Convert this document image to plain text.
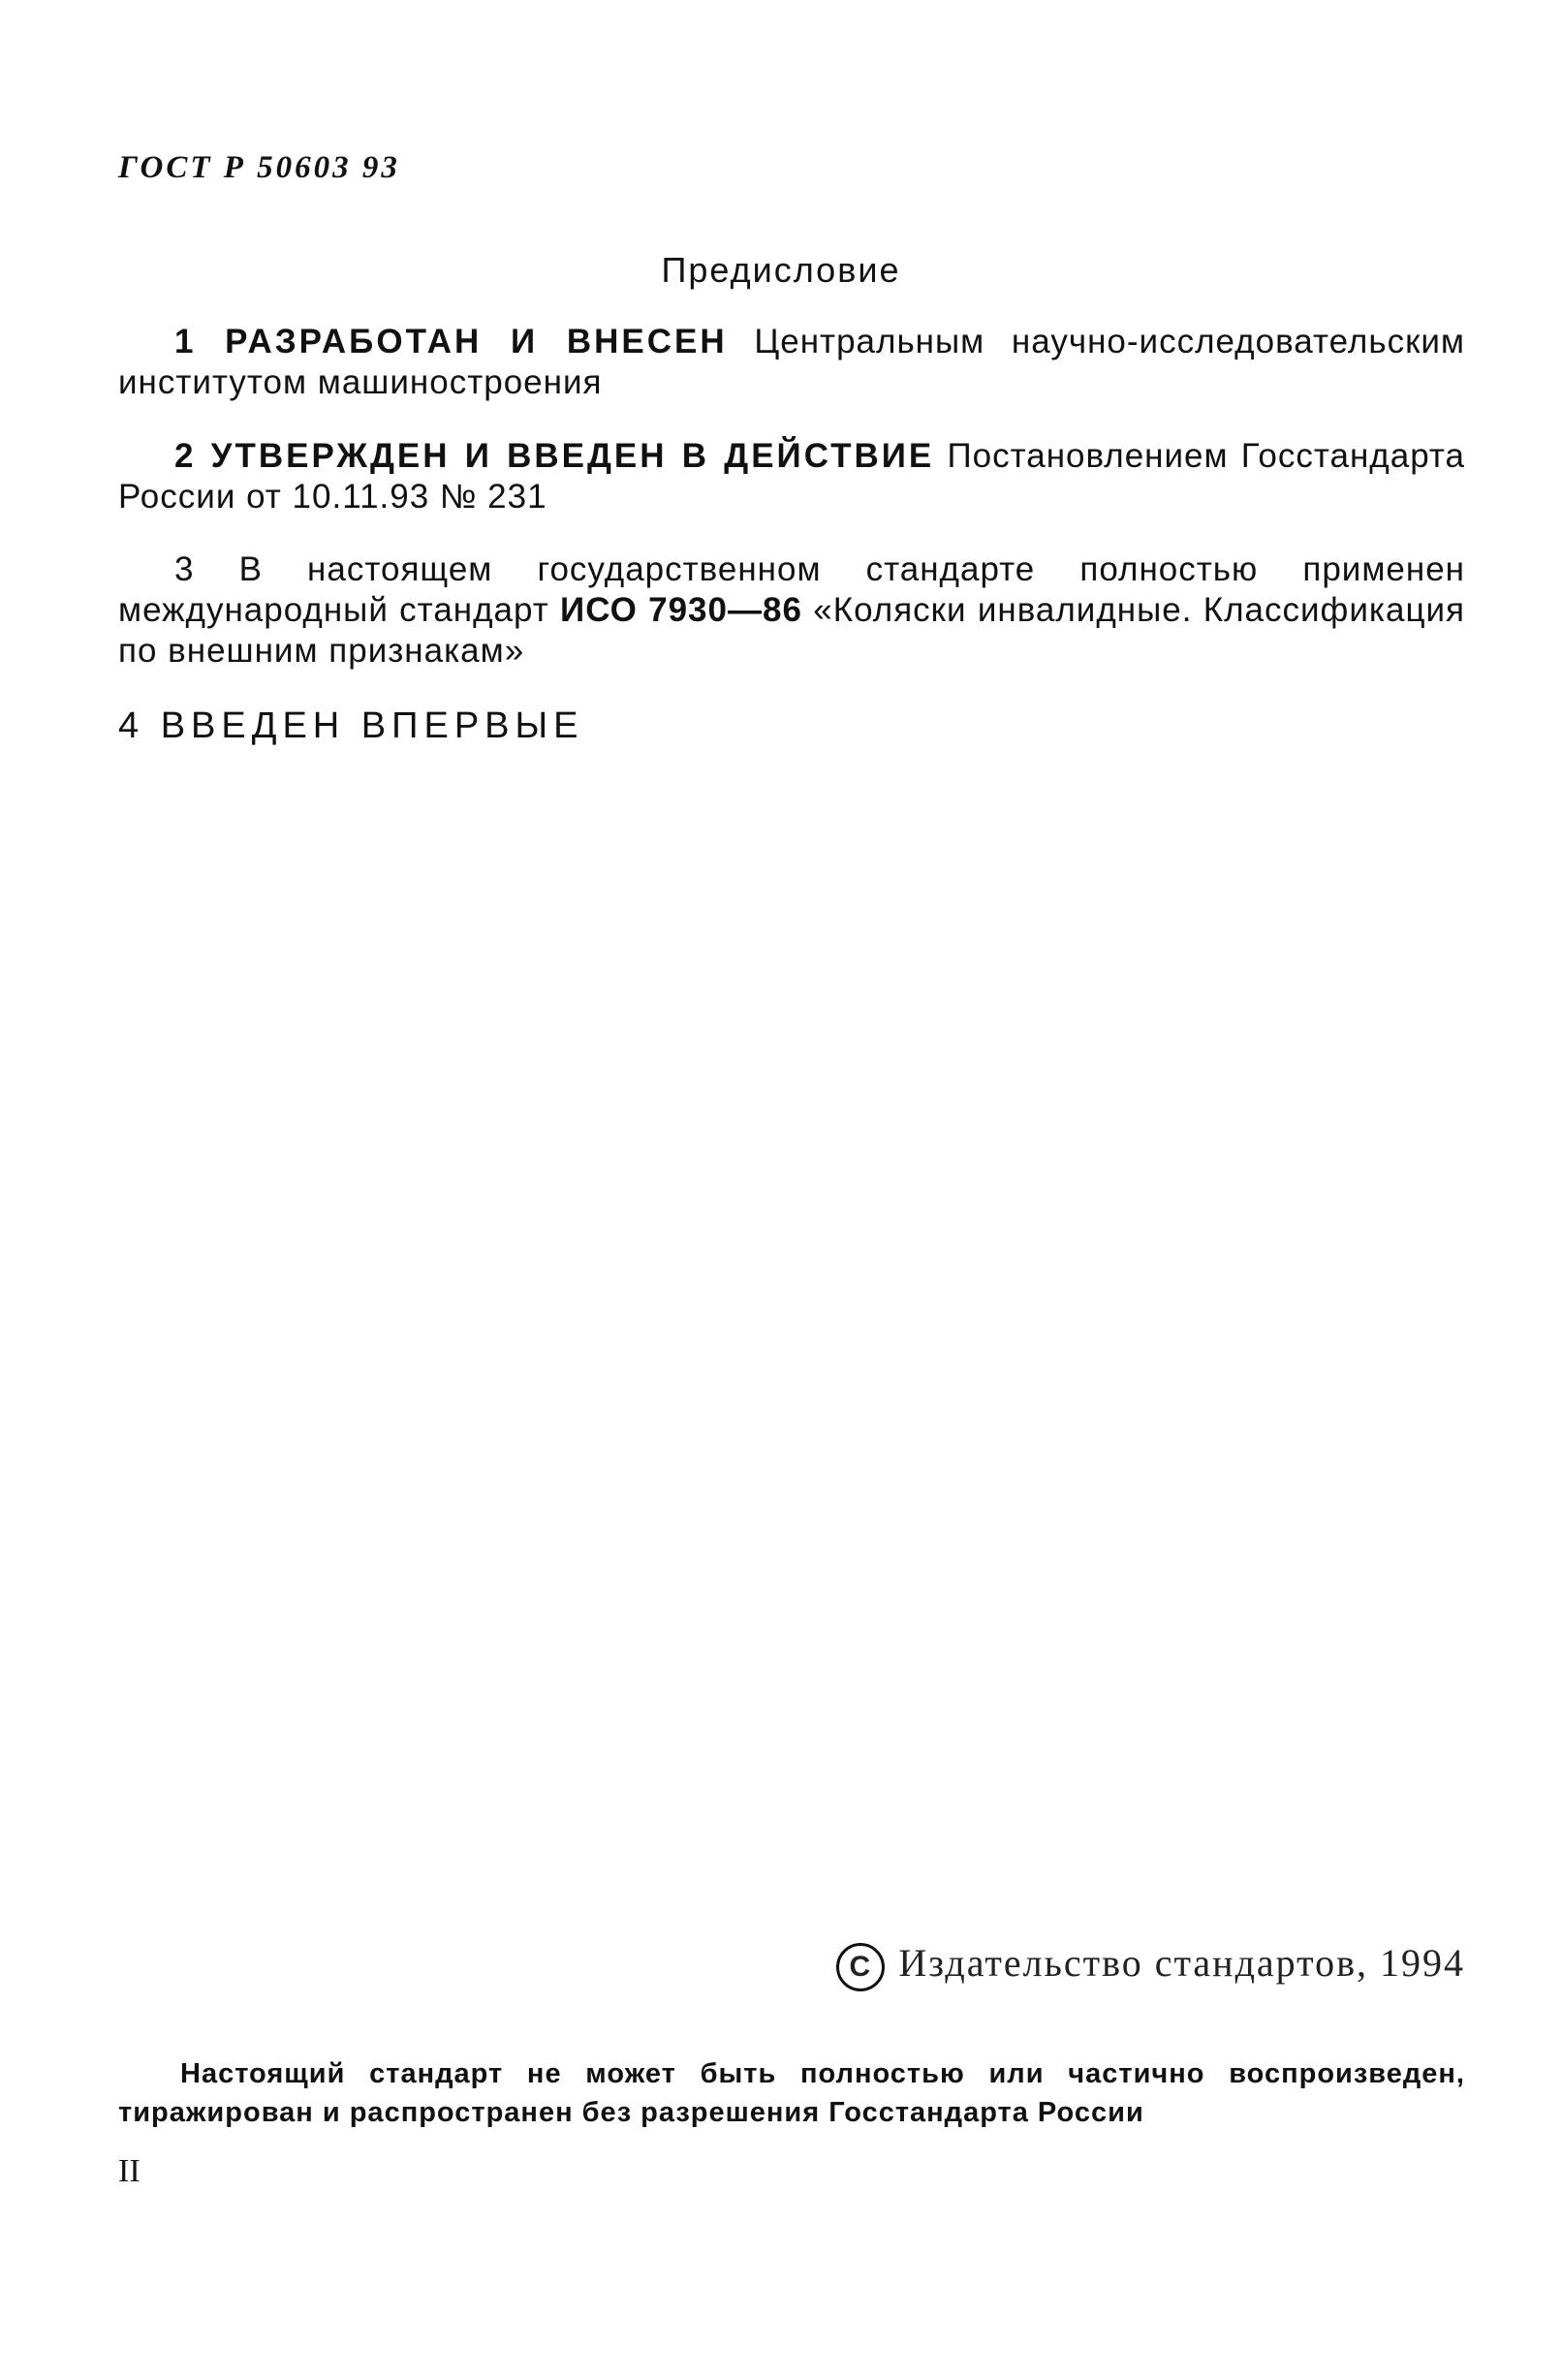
ГОСТ Р 50603 93
Предисловие

1 РАЗРАБОТАН И ВНЕСЕН Центральным научно-исследовательским институтом машиностроения

2 УТВЕРЖДЕН И ВВЕДЕН В ДЕЙСТВИЕ Постановлением Госстандарта России от 10.11.93 № 231

3 В настоящем государственном стандарте полностью применен международный стандарт ИСО 7930—86 «Коляски инвалидные. Классификация по внешним признакам»

4 ВВЕДЕН ВПЕРВЫЕ
C Издательство стандартов, 1994

Настоящий стандарт не может быть полностью или частично воспроизведен, тиражирован и распространен без разрешения Госстандарта России

II
